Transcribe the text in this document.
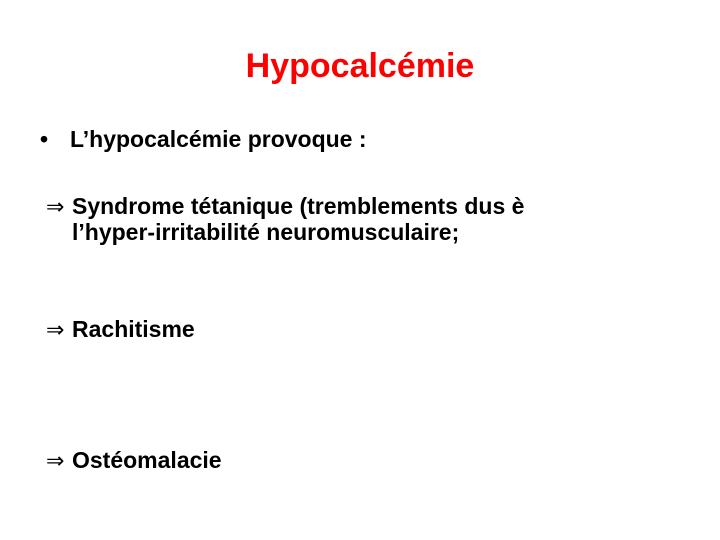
Hypocalcémie
• L’hypocalcémie provoque :
⇒ Syndrome tétanique (tremblements dus è
l’hyper-irritabilité neuromusculaire;
⇒ Rachitisme
⇒ Ostéomalacie
